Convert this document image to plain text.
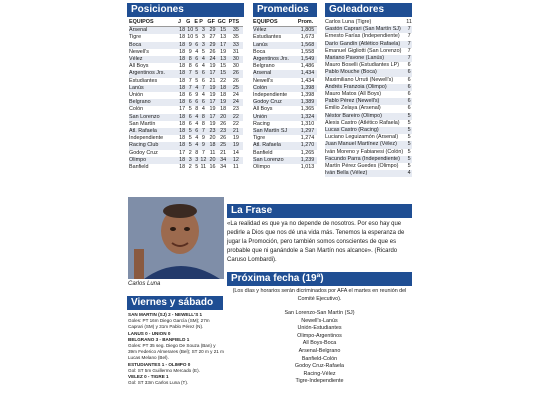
Posiciones
EQUIPOS	J	G	E	P	GF	GC	PTS
Arsenal	18	10	5	3	29	15	35
Tigre	18	10	5	3	27	13	35
Boca	18	9	6	3	29	17	33
Newell's	18	9	4	5	26	19	31
Vélez	18	8	6	4	24	13	30
All Boys	18	8	6	4	19	15	30
Argentinos Jrs.	18	7	5	6	17	15	26
Estudiantes	18	7	5	6	21	22	26
Lanús	18	7	4	7	19	18	25
Unión	18	6	9	4	19	18	24
Belgrano	18	6	6	6	17	19	24
Colón	17	5	8	4	19	18	23
San Lorenzo	18	6	4	8	17	20	22
San Martín	18	6	4	8	19	26	22
Atl. Rafaela	18	5	6	7	23	23	21
Independiente	18	5	4	9	20	26	19
Racing Club	18	5	4	9	18	25	19
Godoy Cruz	17	2	8	7	11	21	14
Olimpo	18	3	3	12	20	34	12
Banfield	18	2	5	11	16	34	11
Promedios
EQUIPOS	Prom.
Vélez	1,805
Estudiantes	1,673
Lanús	1,568
Boca	1,558
Argentinos Jrs.	1,549
Belgrano	1,486
Arsenal	1,434
Newell's	1,434
Colón	1,398
Independiente	1,398
Godoy Cruz	1,389
All Boys	1,365
Unión	1,324
Racing	1,310
San Martín SJ	1,297
Tigre	1,274
Atl. Rafaela	1,270
Banfield	1,265
San Lorenzo	1,239
Olimpo	1,013
Goleadores
Carlos Luna (Tigre)	11
Gastón Caprari (San Martín SJ)	7
Ernesto Farías (Independiente)	7
Darío Gandín (Atlético Rafaela)	7
Emanuel Gigliotti (San Lorenzo)	7
Mariano Pavone (Lanús)	7
Mauro Boselli (Estudiantes LP)	6
Pablo Mouche (Boca)	6
Maximiliano Urruti (Newell's)	6
Andrés Franzoia (Olimpo)	6
Mauro Matos (All Boys)	6
Pablo Pérez (Newell's)	6
Emilio Zelaya (Arsenal)	6
Néstor Bareiro (Olimpo)	5
Alexis Castro (Atlético Rafaela)	5
Lucas Castro (Racing)	5
Luciano Leguizamón (Arsenal)	5
Juan Manuel Martínez (Vélez)	5
Iván Moreno y Fabianesi (Colón)	5
Facundo Parra (Independiente)	5
Martín Pérez Guedes (Olimpo)	5
Iván Bella (Vélez)	4
Carlos Luna
La Frase
«La realidad es que ya no depende de nosotros. Por eso hay que pedirle a Dios que nos dé una vida más. Tenemos la esperanza de jugar la Promoción, pero también somos conscientes de que es probable que ni ganándole a San Martín nos alcance». (Ricardo Caruso Lombardi).
Próxima fecha (19ª)
(Los días y horarios serán dicriminados por AFA el martes en reunión del Comité Ejecutivo).
San Lorenzo-San Martín (SJ)
Newell's-Lanús
Unión-Estudiantes
Olimpo-Argentinos
All Boys-Boca
Arsenal-Belgrano
Banfield-Colón
Godoy Cruz-Rafaela
Racing-Vélez
Tigre-Independiente
Viernes y sábado
SAN MARTIN (SJ) 2 - NEWELL'S 1
Goles: PT 16m Diego García (SM); 27m Caprari (SM) y 31m Pablo Pérez (N).
LANUS 0 - UNION 0
BELGRANO 3 - BANFIELD 1
Goles: PT 35 seg. Diego De Souza (Ban) y 39m Federico Almerares (Bel); ST 20 m y 21 m Lucas Melano (Bel).
ESTUDIANTES 1 - OLIMPO 0
Gol: ST 5m Guillermo Mercado (E).
VELEZ 0 - TIGRE 1
Gol: ST 33m Carlos Luna (T).
